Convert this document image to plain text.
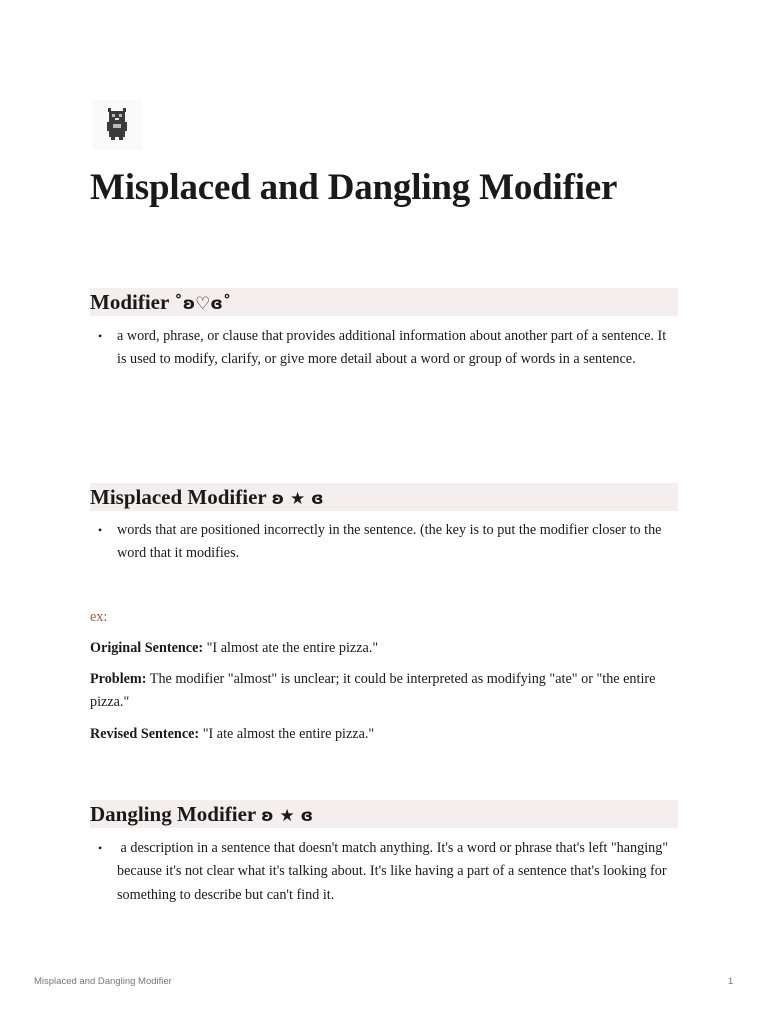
Misplaced and Dangling Modifier
Modifier ˚ʚ♡ɞ˚
• a word, phrase, or clause that provides additional information about another part of a sentence. It is used to modify, clarify, or give more detail about a word or group of words in a sentence.
Misplaced Modifier ʚ ★ ɞ
• words that are positioned incorrectly in the sentence. (the key is to put the modifier closer to the word that it modifies.
ex:
Original Sentence: "I almost ate the entire pizza."
Problem: The modifier "almost" is unclear; it could be interpreted as modifying "ate" or "the entire pizza."
Revised Sentence: "I ate almost the entire pizza."
Dangling Modifier ʚ ★ ɞ
• a description in a sentence that doesn't match anything. It's a word or phrase that's left "hanging" because it's not clear what it's talking about. It's like having a part of a sentence that's looking for something to describe but can't find it.
Misplaced and Dangling Modifier	1
